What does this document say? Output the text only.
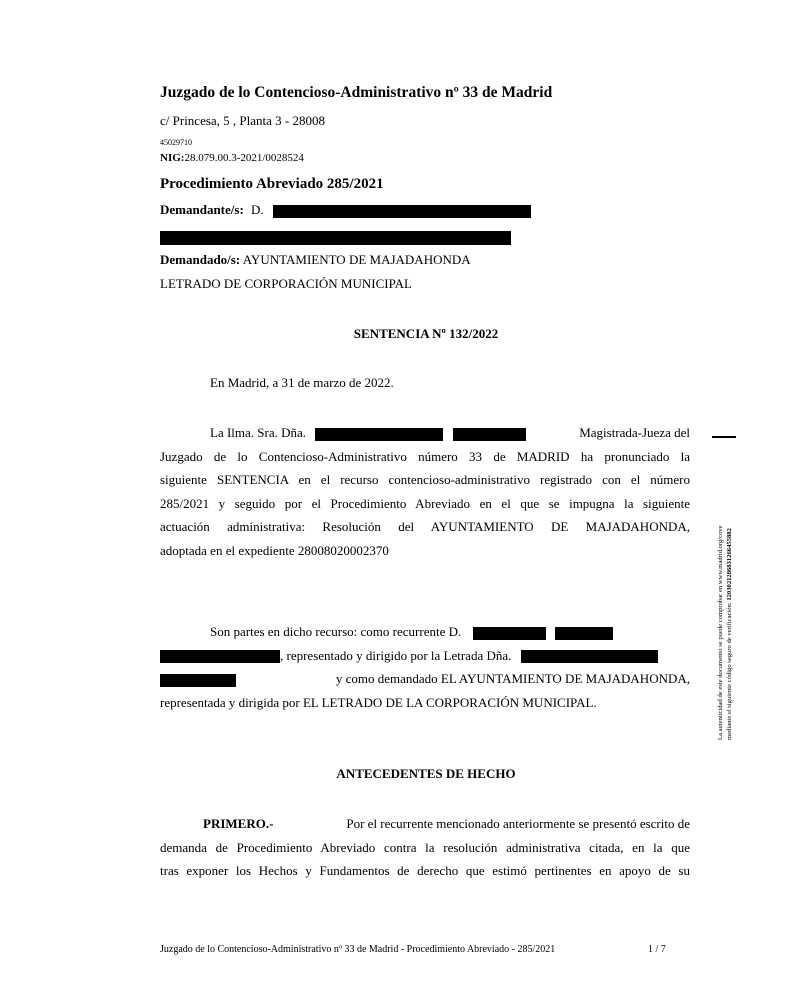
Juzgado de lo Contencioso-Administrativo nº 33 de Madrid
c/ Princesa, 5 , Planta 3 - 28008
45029710
NIG:28.079.00.3-2021/0028524
Procedimiento Abreviado 285/2021
Demandante/s: D.
Demandado/s: AYUNTAMIENTO DE MAJADAHONDA
LETRADO DE CORPORACIÓN MUNICIPAL
SENTENCIA Nº 132/2022
En Madrid, a 31 de marzo de 2022.
La Ilma. Sra. Dña.	Magistrada-Jueza del
Juzgado de lo Contencioso-Administrativo número 33 de MADRID ha pronunciado la
siguiente SENTENCIA en el recurso contencioso-administrativo registrado con el número
285/2021 y seguido por el Procedimiento Abreviado en el que se impugna la siguiente
actuación administrativa: Resolución del AYUNTAMIENTO DE MAJADAHONDA,
adoptada en el expediente 28008020002370
Son partes en dicho recurso: como recurrente D.
, representado y dirigido por la Letrada Dña.
y como demandado EL AYUNTAMIENTO DE MAJADAHONDA,
representada y dirigida por EL LETRADO DE LA CORPORACIÓN MUNICIPAL.
ANTECEDENTES DE HECHO
PRIMERO.-	Por el recurrente mencionado anteriormente se presentó escrito de
demanda de Procedimiento Abreviado contra la resolución administrativa citada, en la que
tras exponer los Hechos y Fundamentos de derecho que estimó pertinentes en apoyo de su
Juzgado de lo Contencioso-Administrativo nº 33 de Madrid - Procedimiento Abreviado - 285/2021	1 / 7
La autenticidad de este documento se puede comprobar en www.madrid.org/cove mediante el siguiente código seguro de verificación: 1203021286831266455882
